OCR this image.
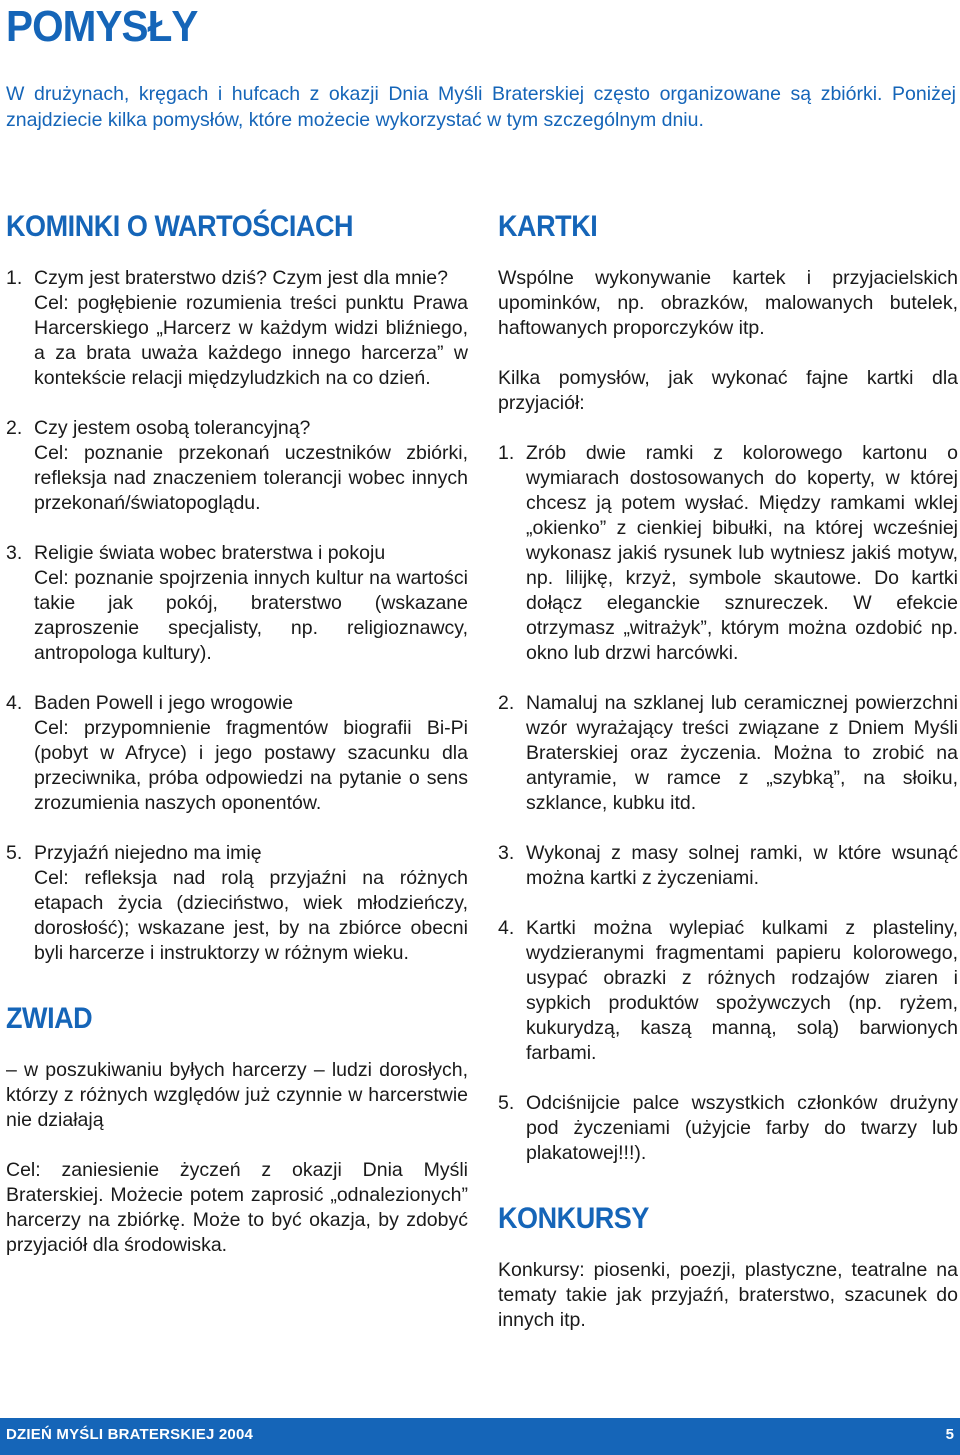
POMYSŁY

W drużynach, kręgach i hufcach z okazji Dnia Myśli Braterskiej często organizowane są zbiórki. Poniżej znajdziecie kilka pomysłów, które możecie wykorzystać w tym szczególnym dniu.

KOMINKI O WARTOŚCIACH
1. Czym jest braterstwo dziś? Czym jest dla mnie?

Cel: pogłębienie rozumienia treści punktu Prawa Harcerskiego „Harcerz w każdym widzi bliźniego, a za brata uważa każdego innego harcerza” w kontekście relacji międzyludzkich na co dzień.

2. Czy jestem osobą tolerancyjną?

Cel: poznanie przekonań uczestników zbiórki, refleksja nad znaczeniem tolerancji wobec innych przekonań/światopoglądu.

3. Religie świata wobec braterstwa i pokoju

Cel: poznanie spojrzenia innych kultur na wartości takie jak pokój, braterstwo (wskazane zaproszenie specjalisty, np. religioznawcy, antropologa kultury).

4. Baden Powell i jego wrogowie

Cel: przypomnienie fragmentów biografii Bi-Pi (pobyt w Afryce) i jego postawy szacunku dla przeciwnika, próba odpowiedzi na pytanie o sens zrozumienia naszych oponentów.

5. Przyjaźń niejedno ma imię

Cel: refleksja nad rolą przyjaźni na różnych etapach życia (dzieciństwo, wiek młodzieńczy, dorosłość); wskazane jest, by na zbiórce obecni byli harcerze i instruktorzy w różnym wieku.

ZWIAD

– w poszukiwaniu byłych harcerzy – ludzi dorosłych, którzy z różnych względów już czynnie w harcerstwie nie działają

Cel: zaniesienie życzeń z okazji Dnia Myśli Braterskiej. Możecie potem zaprosić „odnalezionych” harcerzy na zbiórkę. Może to być okazja, by zdobyć przyjaciół dla środowiska.

KARTKI

Wspólne wykonywanie kartek i przyjacielskich upominków, np. obrazków, malowanych butelek, haftowanych proporczyków itp.

Kilka pomysłów, jak wykonać fajne kartki dla przyjaciół:

1. Zrób dwie ramki z kolorowego kartonu o wymiarach dostosowanych do koperty, w której chcesz ją potem wysłać. Między ramkami wklej „okienko” z cienkiej bibułki, na której wcześniej wykonasz jakiś rysunek lub wytniesz jakiś motyw, np. lilijkę, krzyż, symbole skautowe. Do kartki dołącz eleganckie sznureczek. W efekcie otrzymasz „witrażyk”, którym można ozdobić np. okno lub drzwi harcówki.

2. Namaluj na szklanej lub ceramicznej powierzchni wzór wyrażający treści związane z Dniem Myśli Braterskiej oraz życzenia. Można to zrobić na antyramie, w ramce z „szybką”, na słoiku, szklance, kubku itd.

3. Wykonaj z masy solnej ramki, w które wsunąć można kartki z życzeniami.

4. Kartki można wylepiać kulkami z plasteliny, wydzieranymi fragmentami papieru kolorowego, usypać obrazki z różnych rodzajów ziaren i sypkich produktów spożywczych (np. ryżem, kukurydzą, kaszą manną, solą) barwionych farbami.

5. Odciśnijcie palce wszystkich członków drużyny pod życzeniami (użyjcie farby do twarzy lub plakatowej!!!).

KONKURSY

Konkursy: piosenki, poezji, plastyczne, teatralne na tematy takie jak przyjaźń, braterstwo, szacunek do innych itp.

DZIEŃ MYŚLI BRATERSKIEJ 2004	5
